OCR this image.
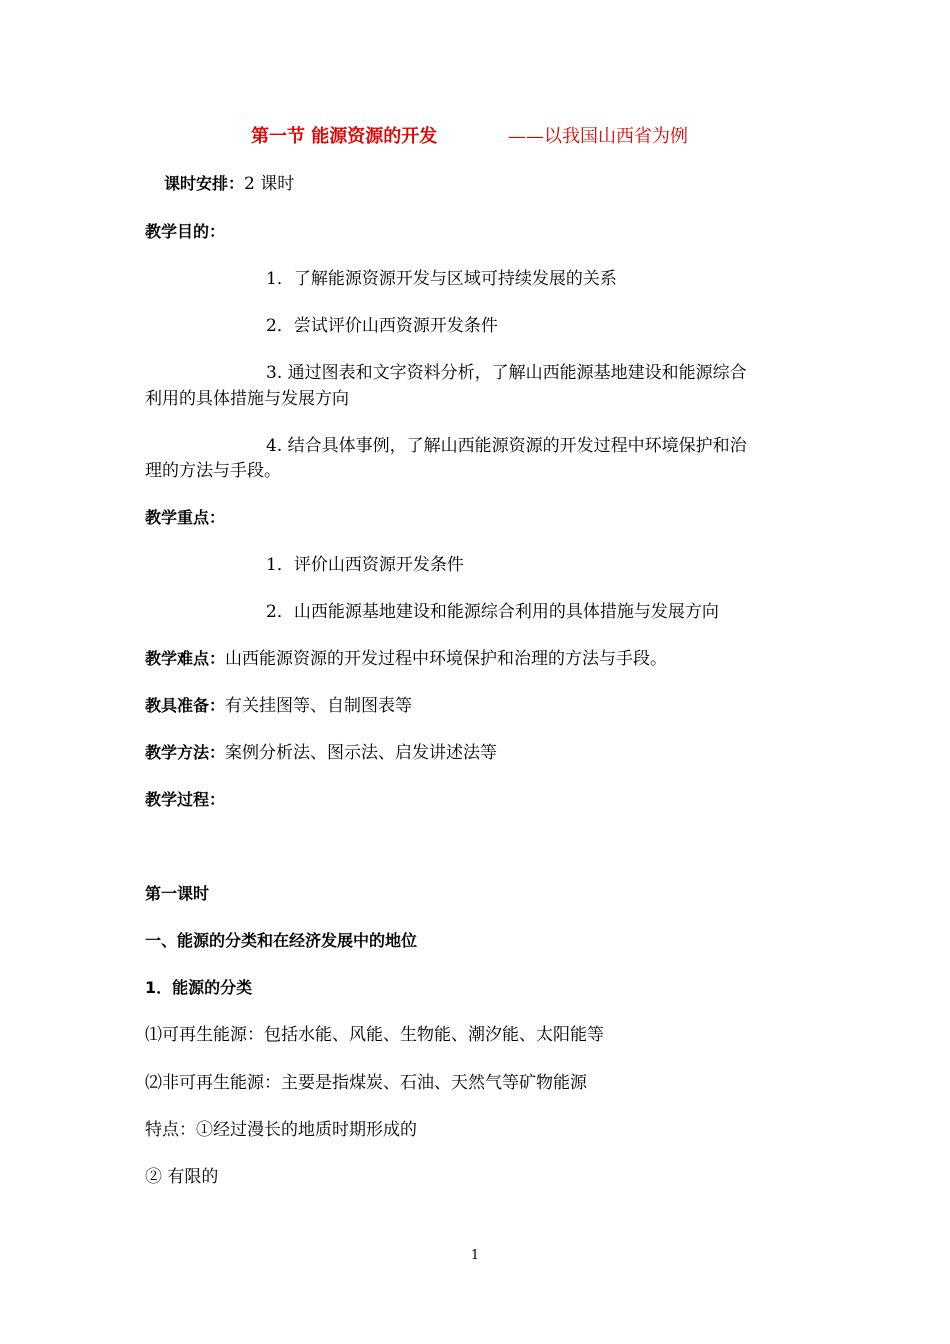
第一节 能源资源的开发	——以我国山西省为例
课时安排：2 课时
教学目的：
1．了解能源资源开发与区域可持续发展的关系
2．尝试评价山西资源开发条件
3. 通过图表和文字资料分析，了解山西能源基地建设和能源综合
利用的具体措施与发展方向
4. 结合具体事例，了解山西能源资源的开发过程中环境保护和治
理的方法与手段。
教学重点：
1．评价山西资源开发条件
2．山西能源基地建设和能源综合利用的具体措施与发展方向
教学难点：山西能源资源的开发过程中环境保护和治理的方法与手段。
教具准备：有关挂图等、自制图表等
教学方法：案例分析法、图示法、启发讲述法等
教学过程：
第一课时
一、能源的分类和在经济发展中的地位
1．能源的分类
⑴可再生能源：包括水能、风能、生物能、潮汐能、太阳能等
⑵非可再生能源：主要是指煤炭、石油、天然气等矿物能源
特点：①经过漫长的地质时期形成的
② 有限的
1
